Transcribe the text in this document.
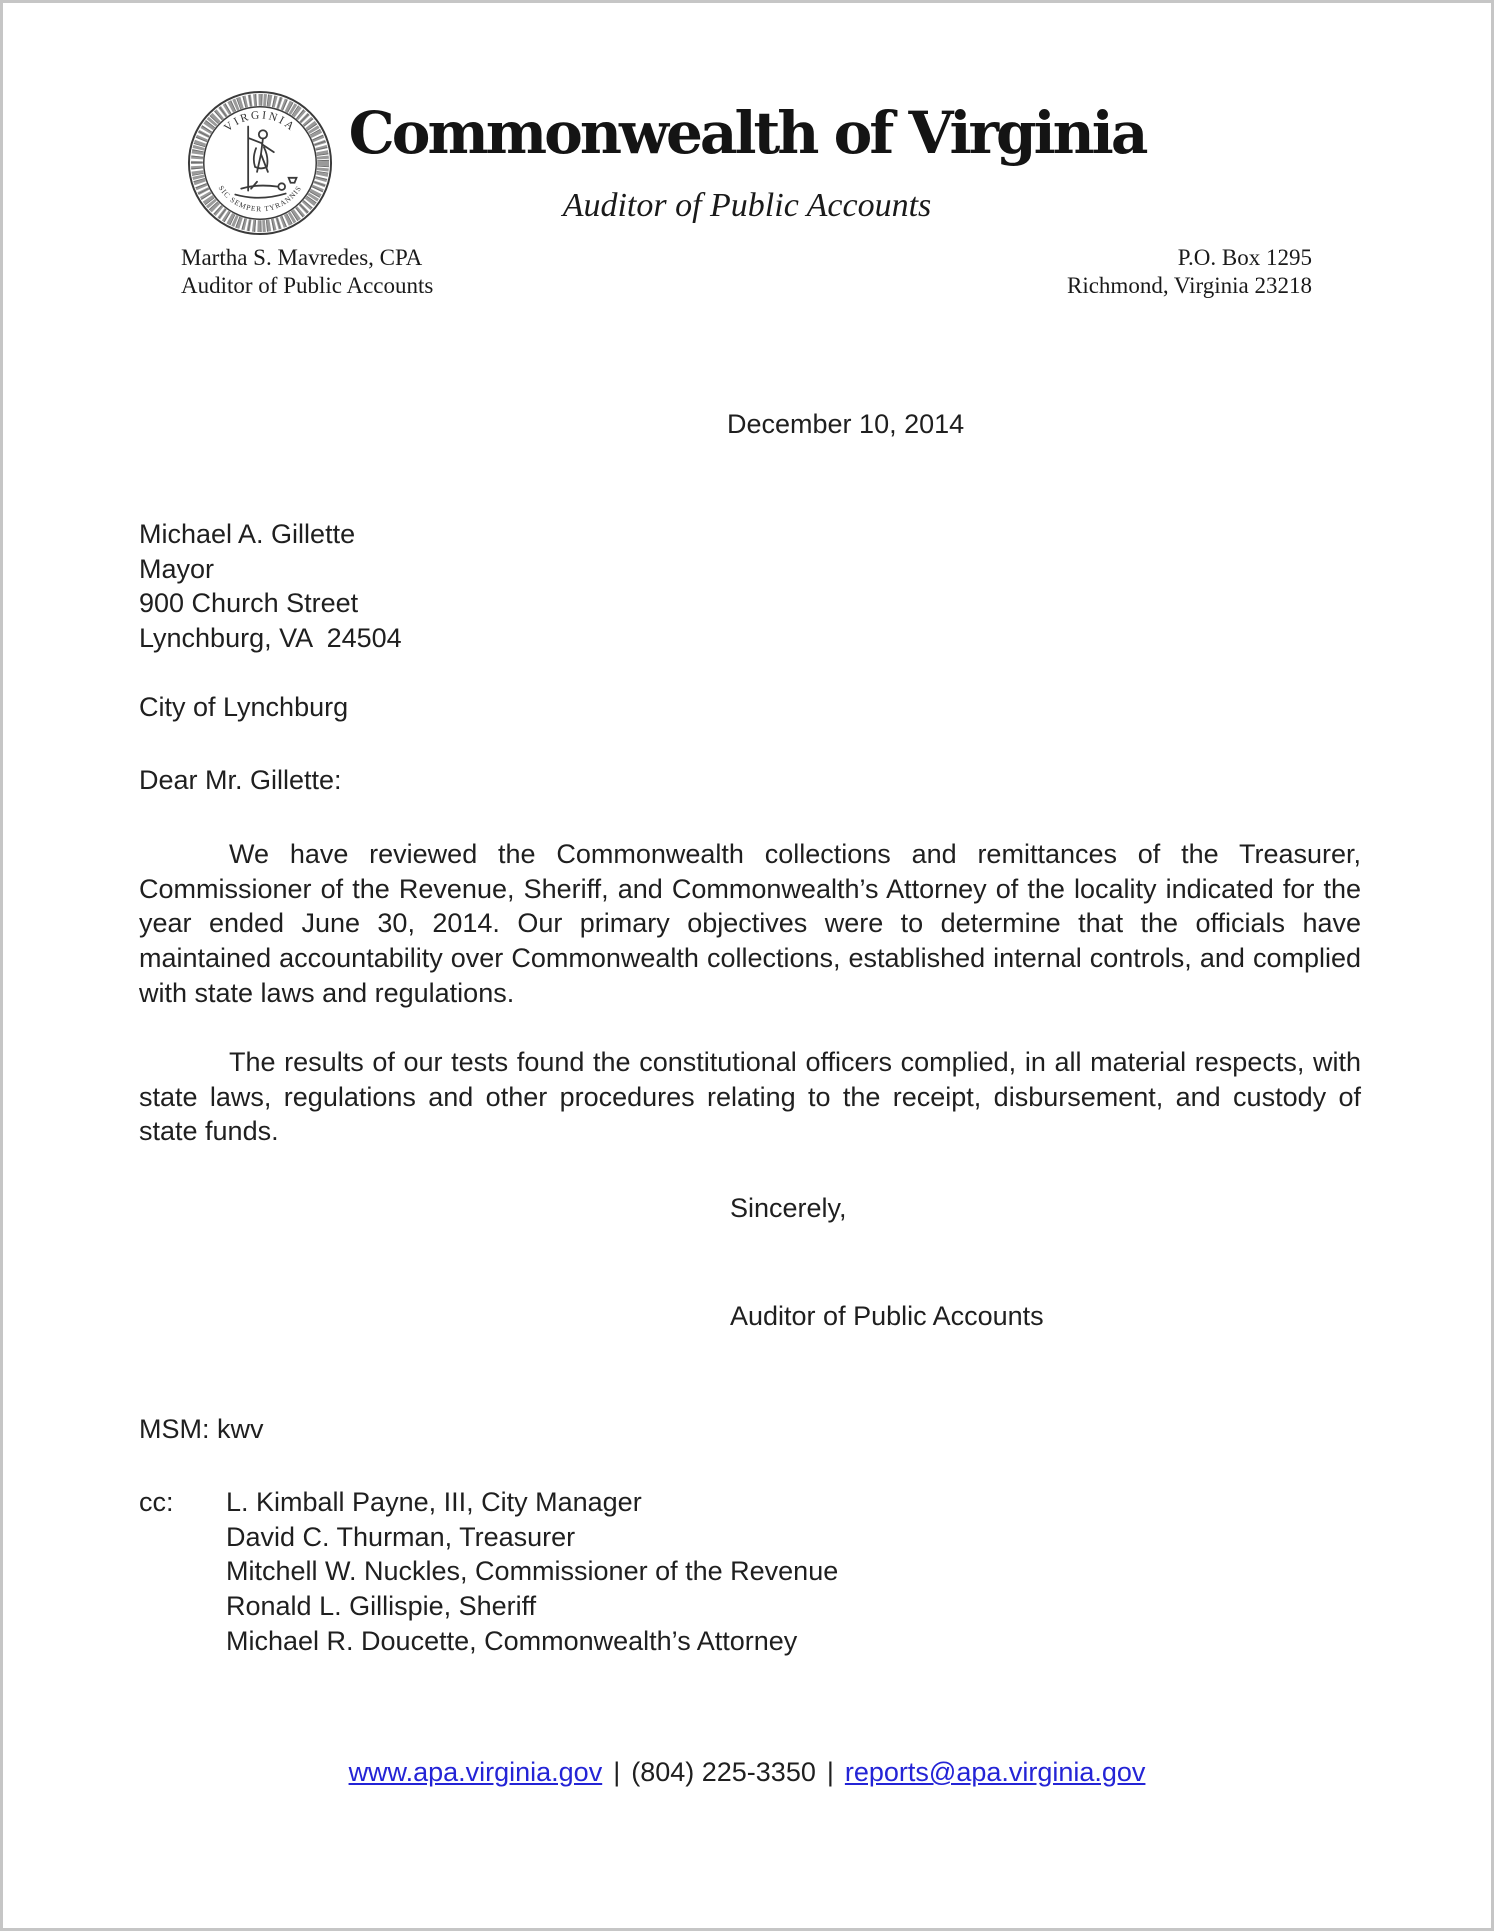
VIRGINIA
SIC SEMPER TYRANNIS
Commonwealth of Virginia
Auditor of Public Accounts
Martha S. Mavredes, CPA
Auditor of Public Accounts
P.O. Box 1295
Richmond, Virginia 23218
December 10, 2014
Michael A. Gillette
Mayor
900 Church Street
Lynchburg, VA  24504
City of Lynchburg
Dear Mr. Gillette:
We have reviewed the Commonwealth collections and remittances of the Treasurer, Commissioner of the Revenue, Sheriff, and Commonwealth’s Attorney of the locality indicated for the year ended June 30, 2014. Our primary objectives were to determine that the officials have maintained accountability over Commonwealth collections, established internal controls, and complied with state laws and regulations.
The results of our tests found the constitutional officers complied, in all material respects, with state laws, regulations and other procedures relating to the receipt, disbursement, and custody of state funds.
Sincerely,
Auditor of Public Accounts
MSM: kwv
cc:	L. Kimball Payne, III, City Manager
David C. Thurman, Treasurer
Mitchell W. Nuckles, Commissioner of the Revenue
Ronald L. Gillispie, Sheriff
Michael R. Doucette, Commonwealth’s Attorney
www.apa.virginia.gov | (804) 225-3350 | reports@apa.virginia.gov
